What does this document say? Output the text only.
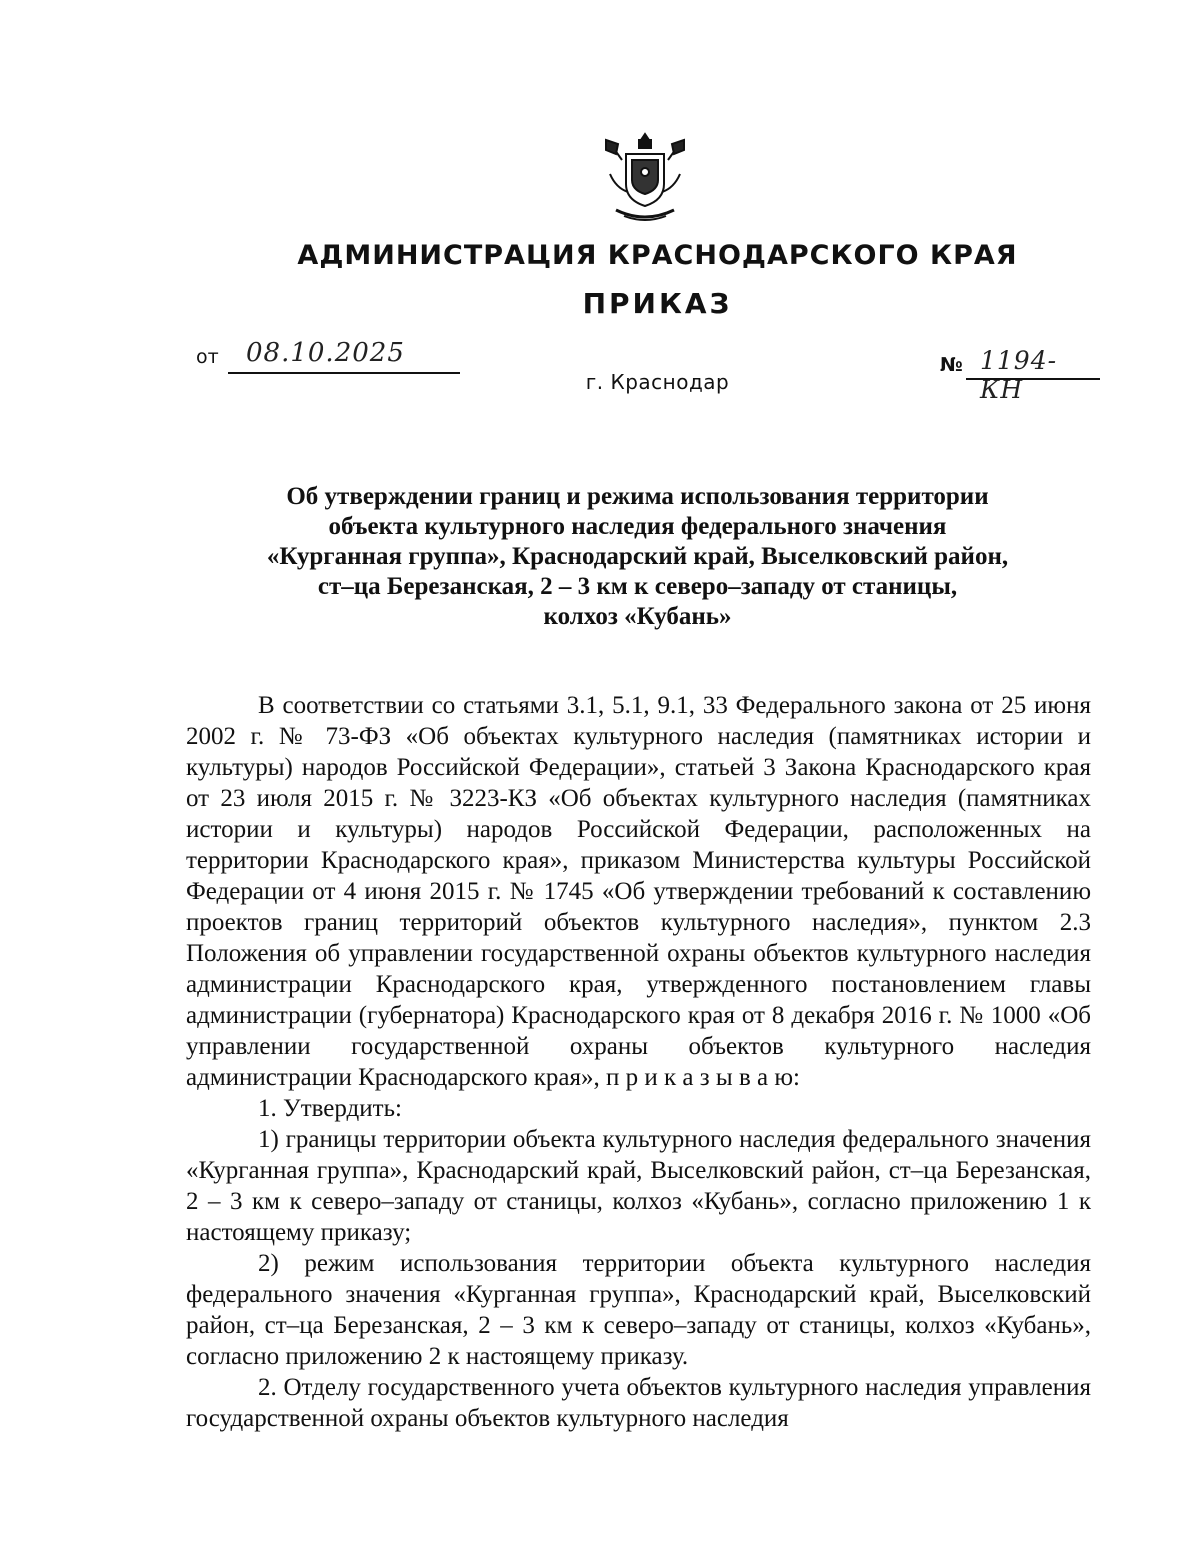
АДМИНИСТРАЦИЯ КРАСНОДАРСКОГО КРАЯ
ПРИКАЗ
от 08.10.2025	№ 1194-КН
г. Краснодар
Об утверждении границ и режима использования территории
объекта культурного наследия федерального значения
«Курганная группа», Краснодарский край, Выселковский район,
ст–ца Березанская, 2 – 3 км к северо–западу от станицы,
колхоз «Кубань»

В соответствии со статьями 3.1, 5.1, 9.1, 33 Федерального закона от 25 июня 2002 г. № 73-ФЗ «Об объектах культурного наследия (памятниках истории и культуры) народов Российской Федерации», статьей 3 Закона Краснодарского края от 23 июля 2015 г. № 3223-КЗ «Об объектах культурного наследия (памятниках истории и культуры) народов Российской Федерации, расположенных на территории Краснодарского края», приказом Министерства культуры Российской Федерации от 4 июня 2015 г. № 1745 «Об утверждении требований к составлению проектов границ территорий объектов культурного наследия», пунктом 2.3 Положения об управлении государственной охраны объектов культурного наследия администрации Краснодарского края, утвержденного постановлением главы администрации (губернатора) Краснодарского края от 8 декабря 2016 г. № 1000 «Об управлении государственной охраны объектов культурного наследия администрации Краснодарского края», п р и к а з ы в а ю:

1. Утвердить:

1) границы территории объекта культурного наследия федерального значения «Курганная группа», Краснодарский край, Выселковский район, ст–ца Березанская, 2 – 3 км к северо–западу от станицы, колхоз «Кубань», согласно приложению 1 к настоящему приказу;

2) режим использования территории объекта культурного наследия федерального значения «Курганная группа», Краснодарский край, Выселковский район, ст–ца Березанская, 2 – 3 км к северо–западу от станицы, колхоз «Кубань», согласно приложению 2 к настоящему приказу.

2. Отделу государственного учета объектов культурного наследия управления государственной охраны объектов культурного наследия
